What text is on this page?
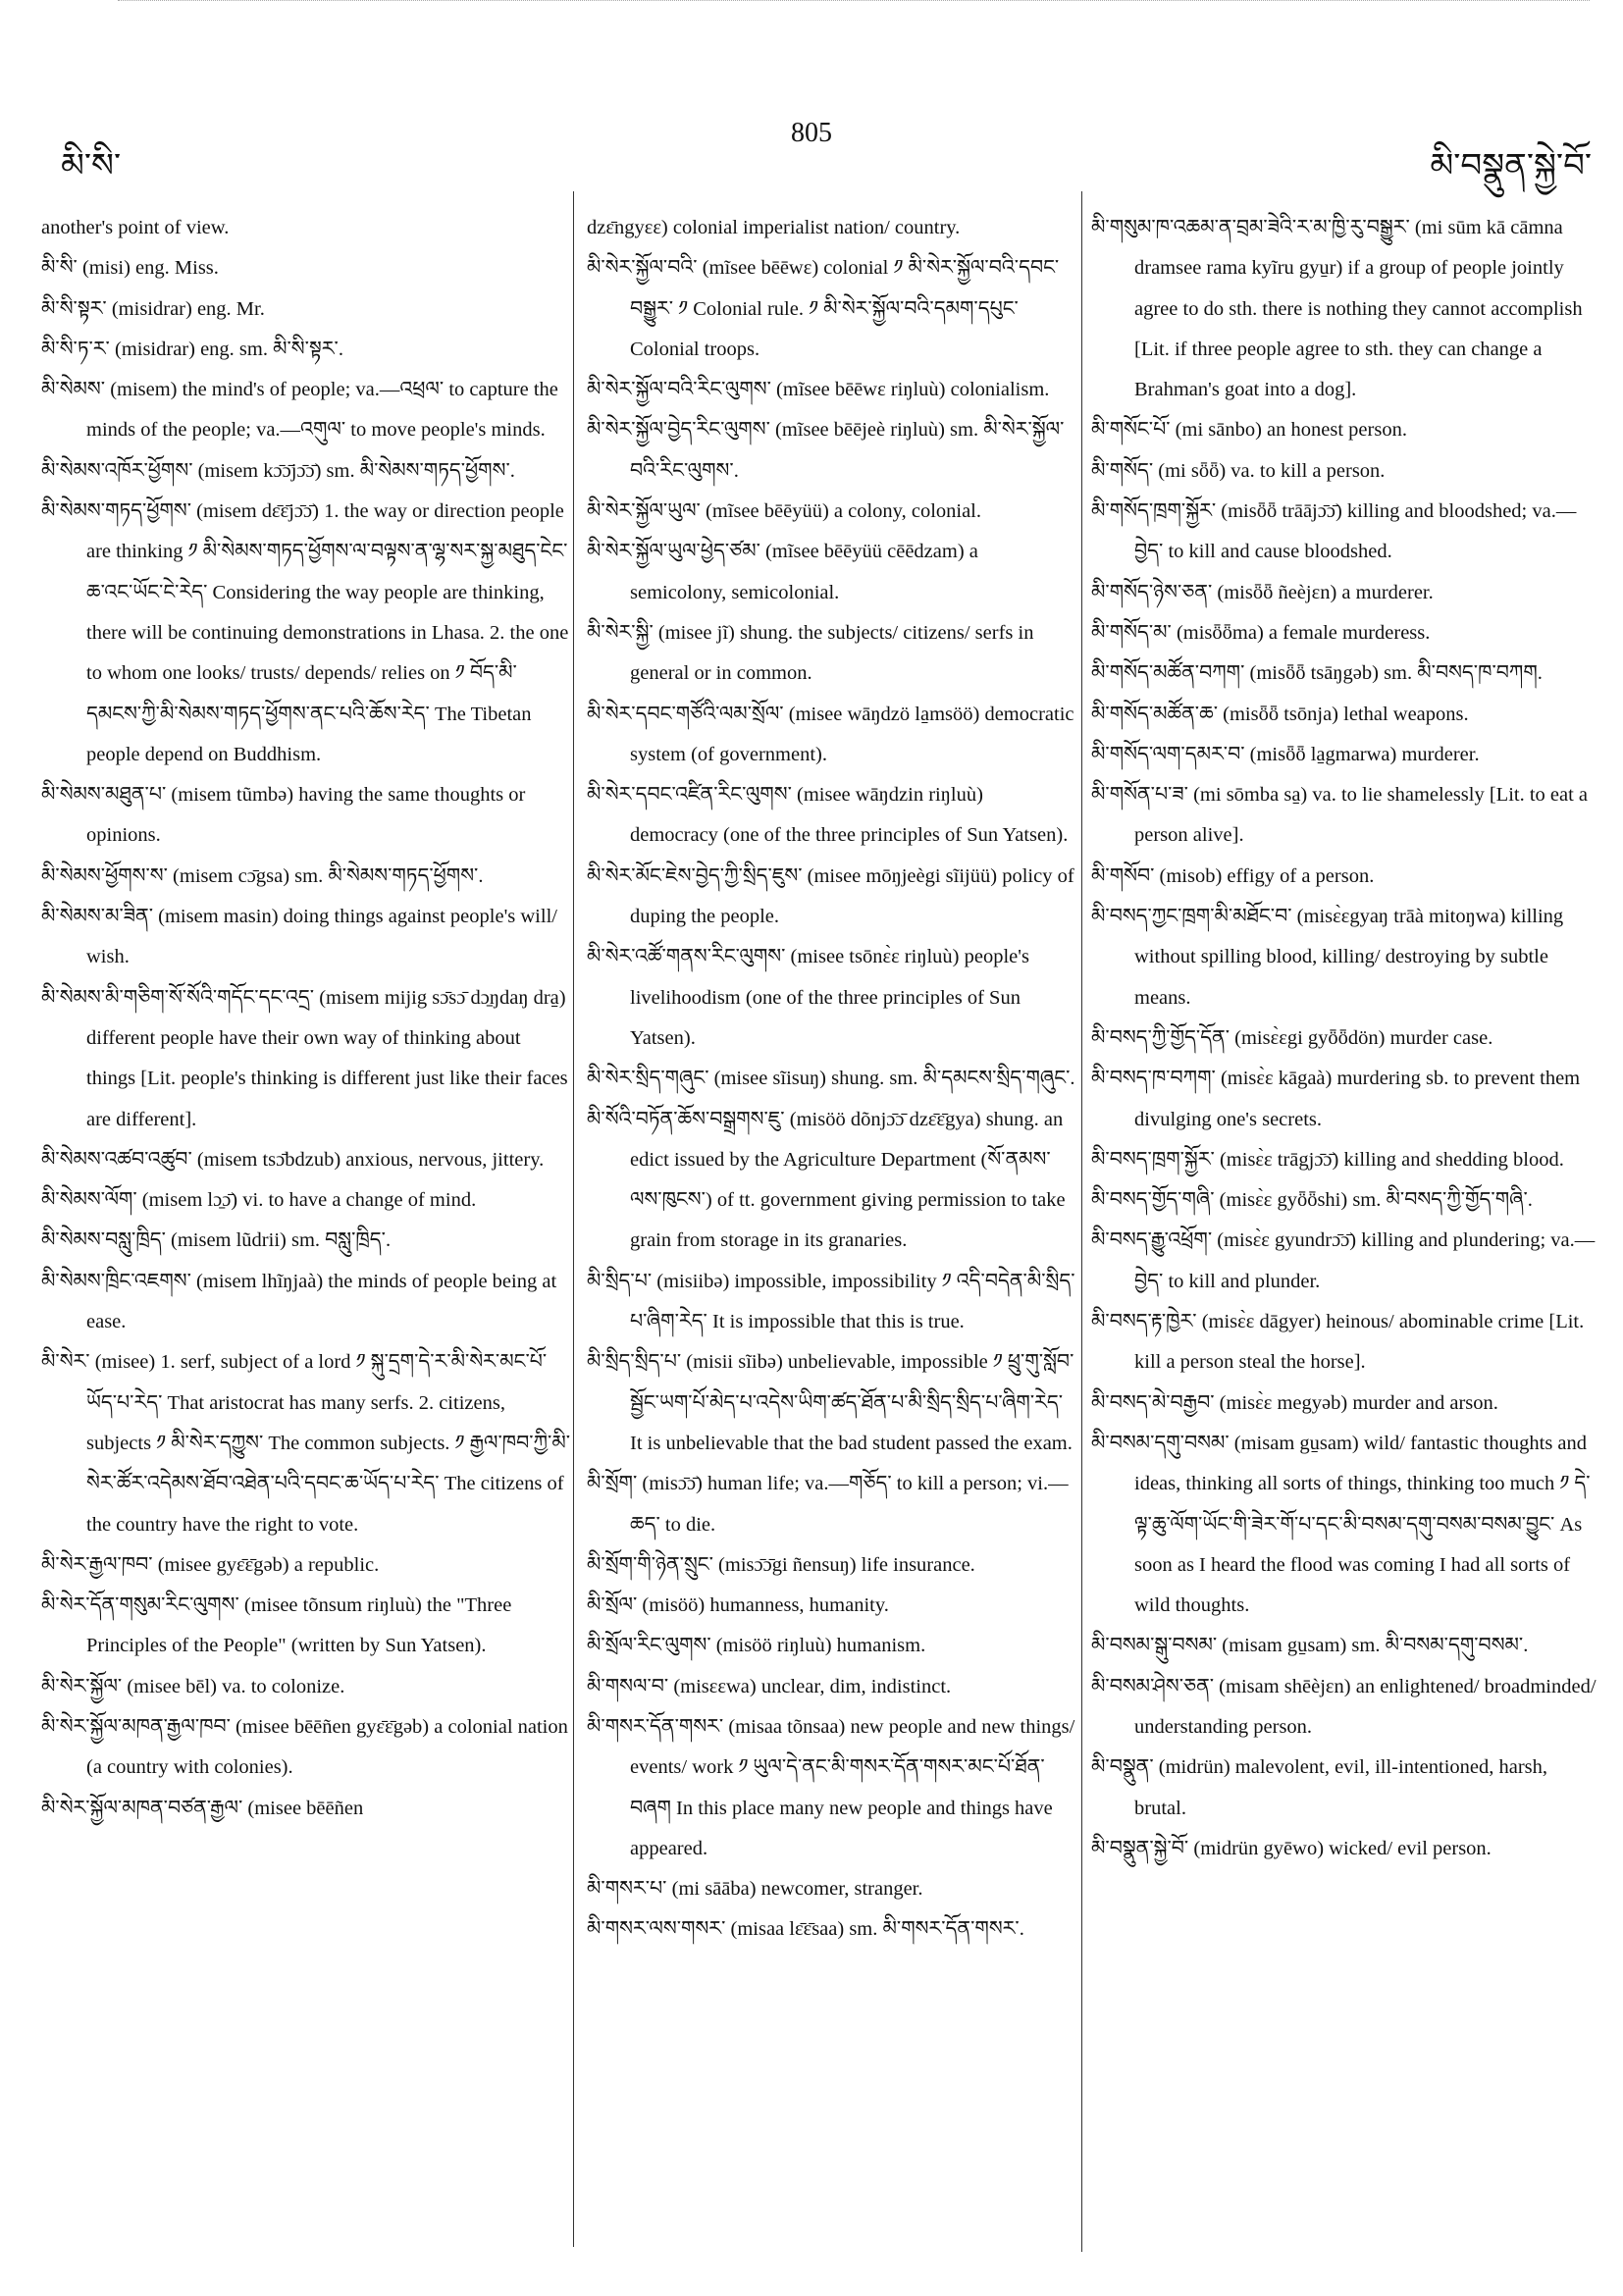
མི་སི་
805
མི་བསྣུན་སྐྱེ་བོ་

another's point of view.

མི་སི་ (misi) eng. Miss.

མི་སི་སྟར་ (misidrar) eng. Mr.

མི་སི་ཏ་ར་ (misidrar) eng. sm. མི་སི་སྟར་.

མི་སེམས་ (misem) the mind's of people; va.—འཕྲལ་ to capture the minds of the people; va.—འགུལ་ to move people's minds.

མི་སེམས་འཁོར་ཕྱོགས་ (misem kɔ̄ɔ̄jɔ̄ɔ̄) sm. མི་སེམས་གཏད་ཕྱོགས་.

མི་སེམས་གཏད་ཕྱོགས་ (misem dɛ̄ɛ̄jɔ̄ɔ̄) 1. the way or direction people are thinking ༡ མི་སེམས་གཏད་ཕྱོགས་ལ་བལྟས་ན་ལྷ་སར་སྐྱ་མཐུད་ངེང་ཆ་འང་ཡོང་ངེ་རེད་ Considering the way people are thinking, there will be continuing demonstrations in Lhasa. 2. the one to whom one looks/ trusts/ depends/ relies on ༡ བོད་མི་དམངས་ཀྱི་མི་སེམས་གཏད་ཕྱོགས་ནང་པའི་ཆོས་རེད་ The Tibetan people depend on Buddhism.

མི་སེམས་མཐུན་པ་ (misem tũmbə) having the same thoughts or opinions.

མི་སེམས་ཕྱོགས་ས་ (misem cɔ̄gsa) sm. མི་སེམས་གཏད་ཕྱོགས་.

མི་སེམས་མ་ཟིན་ (misem masin) doing things against people's will/ wish.

མི་སེམས་མི་གཅིག་སོ་སོའི་གདོང་དང་འདྲ་ (misem mijig sɔ̄sɔ̄ dɔ̱ŋdaŋ dra̱) different people have their own way of thinking about things [Lit. people's thinking is different just like their faces are different].

མི་སེམས་འཚབ་འཚུབ་ (misem tsɔ̄bdzub) anxious, nervous, jittery.

མི་སེམས་ལོག་ (misem lɔ̱ɔ̄) vi. to have a change of mind.

མི་སེམས་བསླུ་ཁྲིད་ (misem lũdrii) sm. བསླུ་ཁྲིད་.

མི་སེམས་ཁྲིང་འཇགས་ (misem lhĩŋjaà) the minds of people being at ease.

མི་སེར་ (misee) 1. serf, subject of a lord ༡ སྐུ་དྲག་དེ་ར་མི་སེར་མང་པོ་ཡོད་པ་རེད་ That aristocrat has many serfs. 2. citizens, subjects ༡ མི་སེར་དཀྱུས་ The common subjects. ༡ རྒྱལ་ཁབ་ཀྱི་མི་སེར་ཚོར་འདེམས་ཐོབ་འཐེན་པའི་དབང་ཆ་ཡོད་པ་རེད་ The citizens of the country have the right to vote.

མི་སེར་རྒྱལ་ཁབ་ (misee gyɛ̄ɛ̄gəb) a republic.

མི་སེར་དོན་གསུམ་རིང་ལུགས་ (misee tõnsum riŋluù) the "Three Principles of the People" (written by Sun Yatsen).

མི་སེར་སྐྱོལ་ (misee bēl) va. to colonize.

མི་སེར་སྐྱོལ་མཁན་རྒྱལ་ཁབ་ (misee bēēñen gyɛ̄ɛ̄gəb) a colonial nation (a country with colonies).

མི་སེར་སྐྱོལ་མཁན་བཙན་རྒྱལ་ (misee bēēñen

dzɛ̄ngyɛɛ) colonial imperialist nation/ country.

མི་སེར་སྐྱོལ་བའི་ (mĩsee bēēwɛ) colonial ༡ མི་སེར་སྐྱོལ་བའི་དབང་བསྒྱུར་ ༡ Colonial rule. ༡ མི་སེར་སྐྱོལ་བའི་དམག་དཔུང་ Colonial troops.

མི་སེར་སྐྱོལ་བའི་རིང་ལུགས་ (mĩsee bēēwɛ riŋluù) colonialism.

མི་སེར་སྐྱོལ་བྱེད་རིང་ལུགས་ (mĩsee bēējeè riŋluù) sm. མི་སེར་སྐྱོལ་བའི་རིང་ལུགས་.

མི་སེར་སྐྱོལ་ཡུལ་ (mĩsee bēēyüü) a colony, colonial.

མི་སེར་སྐྱོལ་ཡུལ་ཕྱེད་ཙམ་ (mĩsee bēēyüü cēēdzam) a semicolony, semicolonial.

མི་སེར་སྐྱི་ (misee jĩ) shung. the subjects/ citizens/ serfs in general or in common.

མི་སེར་དབང་གཙོའི་ལམ་སྲོལ་ (misee wāŋdzö la̱msöö) democratic system (of government).

མི་སེར་དབང་འཛིན་རིང་ལུགས་ (misee wāŋdzin riŋluù) democracy (one of the three principles of Sun Yatsen).

མི་སེར་མོང་ཇེས་བྱེད་ཀྱི་སྲིད་ཇུས་ (misee mōŋjeègi sĩijüü) policy of duping the people.

མི་སེར་འཚོ་གནས་རིང་ལུགས་ (misee tsōnɛ̀ɛ riŋluù) people's livelihoodism (one of the three principles of Sun Yatsen).

མི་སེར་སྲིད་གཞུང་ (misee sĩisuŋ) shung. sm. མི་དམངས་སྲིད་གཞུང་.

མི་སོའི་བཏོན་ཆོས་བསྒྲགས་ཇུ་ (misöö dõnjɔ̄ɔ̄ dzɛ̄ɛ̄gya) shung. an edict issued by the Agriculture Department (སོ་ནམས་ལས་ཁུངས་) of tt. government giving permission to take grain from storage in its granaries.

མི་སྲིད་པ་ (misiibə) impossible, impossibility ༡ འདི་བདེན་མི་སྲིད་པ་ཞིག་རེད་ It is impossible that this is true.

མི་སྲིད་སྲིད་པ་ (misii sĩibə) unbelievable, impossible ༡ ཕྲུ་གུ་སློབ་སྦྱོང་ཡག་པོ་མེད་པ་འདེས་ཡིག་ཚད་ཐོན་པ་མི་སྲིད་སྲིད་པ་ཞིག་རེད་ It is unbelievable that the bad student passed the exam.

མི་སྲོག་ (misɔ̄ɔ̄) human life; va.—གཅོད་ to kill a person; vi.—ཆད་ to die.

མི་སྲོག་གི་ཉེན་སྲུང་ (misɔ̄ɔ̄gi ñensuŋ) life insurance.

མི་སྲོལ་ (misöö) humanness, humanity.

མི་སྲོལ་རིང་ལུགས་ (misöö riŋluù) humanism.

མི་གསལ་བ་ (misɛɛwa) unclear, dim, indistinct.

མི་གསར་དོན་གསར་ (misaa tõnsaa) new people and new things/ events/ work ༡ ཡུལ་དེ་ནང་མི་གསར་དོན་གསར་མང་པོ་ཐོན་བཞག In this place many new people and things have appeared.

མི་གསར་པ་ (mi sāāba) newcomer, stranger.

མི་གསར་ལས་གསར་ (misaa lɛ̄ɛ̄saa) sm. མི་གསར་དོན་གསར་.

མི་གསུམ་ཁ་འཆམ་ན་བྲམ་ཟེའི་ར་མ་ཁྱི་རུ་བསྒྱུར་ (mi sūm kā cāmna dramsee rama kyĩru gyu̱r) if a group of people jointly agree to do sth. there is nothing they cannot accomplish [Lit. if three people agree to sth. they can change a Brahman's goat into a dog].

མི་གསོང་པོ་ (mi sānbo) an honest person.

མི་གསོད་ (mi sȫȫ) va. to kill a person.

མི་གསོད་ཁྲག་སྐྱོར་ (misȫȫ trāājɔ̄ɔ̄) killing and bloodshed; va.—བྱེད་ to kill and cause bloodshed.

མི་གསོད་ཉེས་ཅན་ (misȫȫ ñeèjɛn) a murderer.

མི་གསོད་མ་ (misȫȫma) a female murderess.

མི་གསོད་མཚོན་བཀག་ (misȫȫ tsāŋgəb) sm. མི་བསད་ཁ་བཀག.

མི་གསོད་མཚོན་ཆ་ (misȫȫ tsōnja) lethal weapons.

མི་གསོད་ལག་དམར་བ་ (misȫȫ la̱gmarwa) murderer.

མི་གསོན་པ་ཟ་ (mi sōmba sa̱) va. to lie shamelessly [Lit. to eat a person alive].

མི་གསོབ་ (misob) effigy of a person.

མི་བསད་ཀྱང་ཁྲག་མི་མཐོང་བ་ (misɛ̀ɛgyaŋ trāà mitoŋwa) killing without spilling blood, killing/ destroying by subtle means.

མི་བསད་ཀྱི་གྱོད་དོན་ (misɛ̀ɛgi gyȫȫdön) murder case.

མི་བསད་ཁ་བཀག་ (misɛ̀ɛ kāgaà) murdering sb. to prevent them divulging one's secrets.

མི་བསད་ཁྲག་སྐྱོར་ (misɛ̀ɛ trāgjɔ̄ɔ̄) killing and shedding blood.

མི་བསད་གྱོད་གཞི་ (misɛ̀ɛ gyȫȫshi) sm. མི་བསད་ཀྱི་གྱོད་གཞི་.

མི་བསད་རྒྱུ་འཕྲོག་ (misɛ̀ɛ gyundrɔ̄ɔ̄) killing and plundering; va.—བྱེད་ to kill and plunder.

མི་བསད་རྟ་ཁྱེར་ (misɛ̀ɛ dāgyer) heinous/ abominable crime [Lit. kill a person steal the horse].

མི་བསད་མེ་བརྒྱབ་ (misɛ̀ɛ megyəb) murder and arson.

མི་བསམ་དགུ་བསམ་ (misam gu̱sam) wild/ fantastic thoughts and ideas, thinking all sorts of things, thinking too much ༡ དེ་ལྟ་ཆུ་ལོག་ཡོང་གི་ཟེར་གོ་པ་དང་མི་བསམ་དགུ་བསམ་བསམ་བྱུང་ As soon as I heard the flood was coming I had all sorts of wild thoughts.

མི་བསམ་སྒུ་བསམ་ (misam gu̱sam) sm. མི་བསམ་དགུ་བསམ་.

མི་བསམ་ཤེས་ཅན་ (misam shēèjɛn) an enlightened/ broadminded/ understanding person.

མི་བསྣུན་ (midrün) malevolent, evil, ill-intentioned, harsh, brutal.

མི་བསྣུན་སྐྱེ་བོ་ (midrün gyēwo) wicked/ evil person.
